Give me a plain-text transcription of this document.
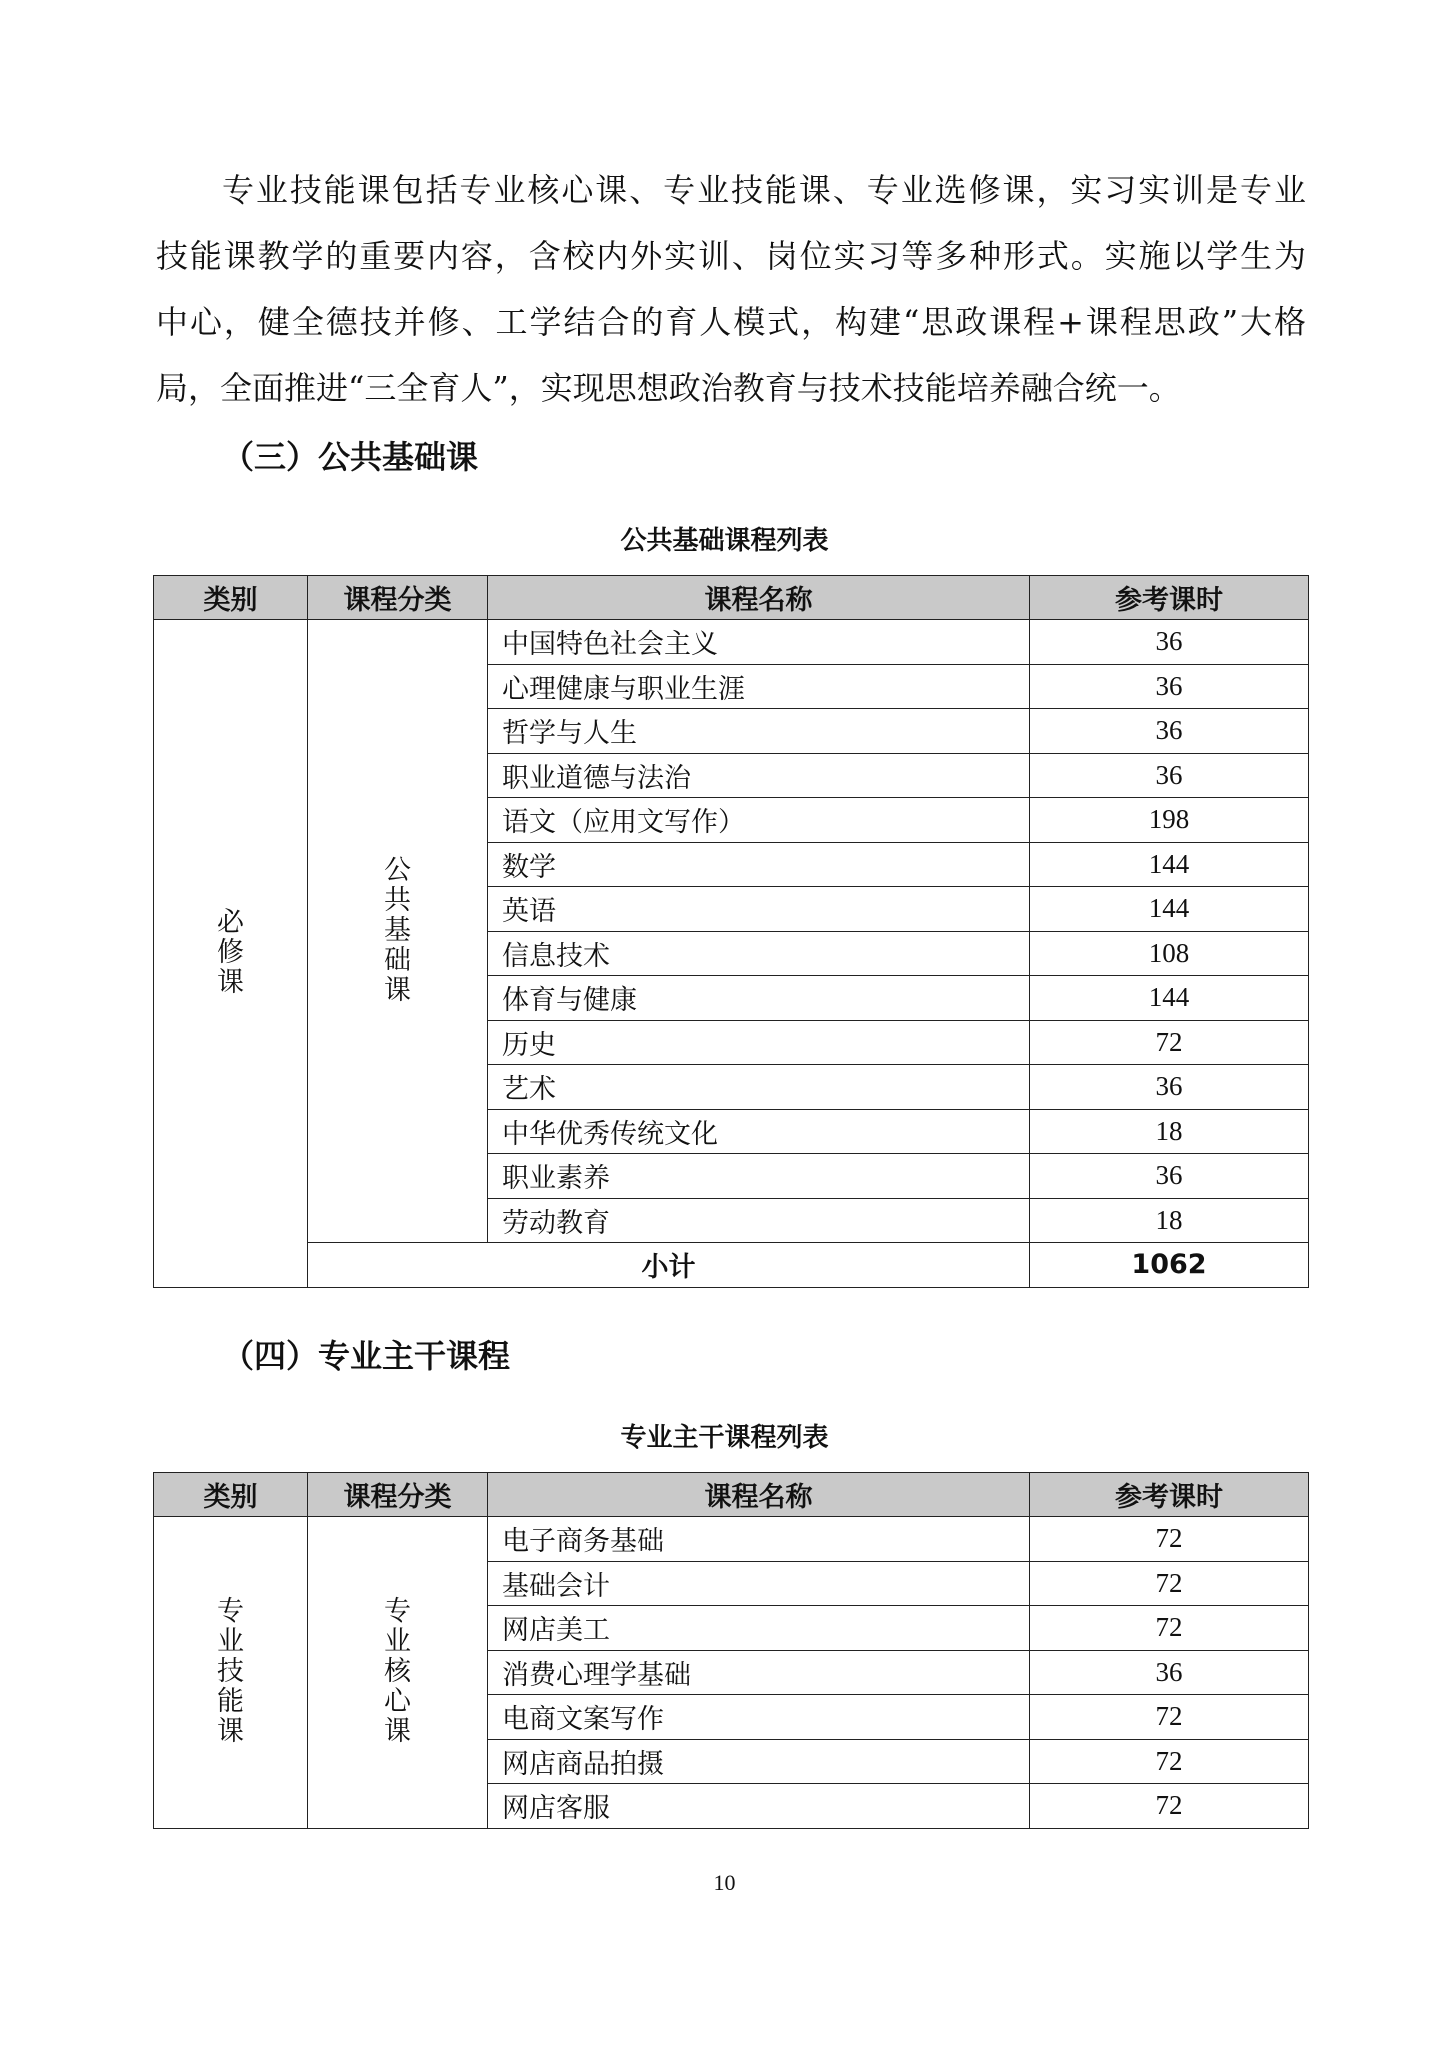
专业技能课包括专业核心课、专业技能课、专业选修课，实习实训是专业
技能课教学的重要内容，含校内外实训、岗位实习等多种形式。实施以学生为
中心，健全德技并修、工学结合的育人模式，构建“思政课程+课程思政”大格
局，全面推进“三全育人”，实现思想政治教育与技术技能培养融合统一。
（三）公共基础课
公共基础课程列表
类别	课程分类	课程名称	参考课时
必修课	公共基础课	中国特色社会主义	36
		心理健康与职业生涯	36
		哲学与人生	36
		职业道德与法治	36
		语文（应用文写作）	198
		数学	144
		英语	144
		信息技术	108
		体育与健康	144
		历史	72
		艺术	36
		中华优秀传统文化	18
		职业素养	36
		劳动教育	18
	小计		1062
（四）专业主干课程
专业主干课程列表
类别	课程分类	课程名称	参考课时
专业技能课	专业核心课	电子商务基础	72
		基础会计	72
		网店美工	72
		消费心理学基础	36
		电商文案写作	72
		网店商品拍摄	72
		网店客服	72
10
